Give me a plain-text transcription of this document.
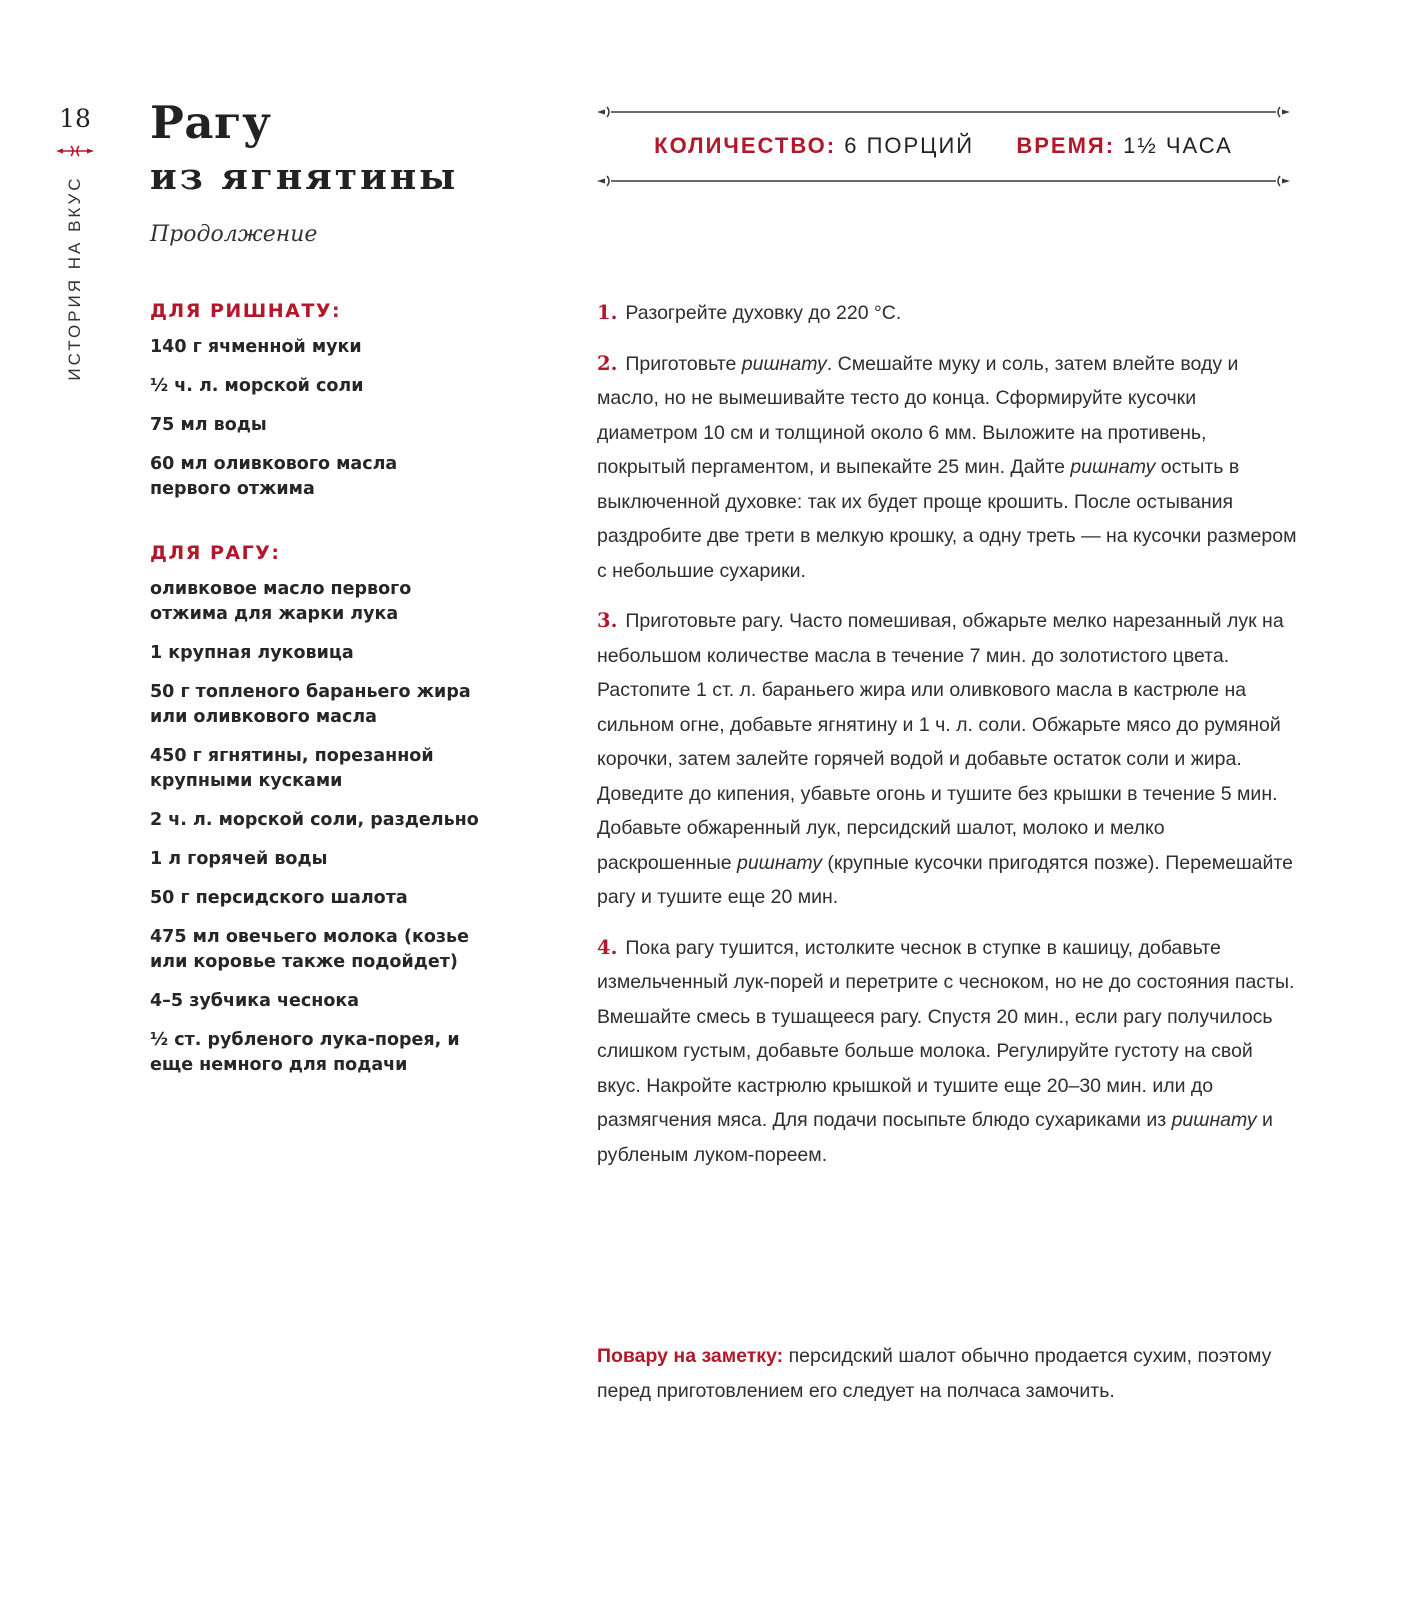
18
ИСТОРИЯ НА ВКУС
Рагу
из ягнятины
Продолжение
КОЛИЧЕСТВО: 6 ПОРЦИЙ ВРЕМЯ: 1½ ЧАСА
ДЛЯ РИШНАТУ:
140 г ячменной муки
½ ч. л. морской соли
75 мл воды
60 мл оливкового масла первого отжима
ДЛЯ РАГУ:
оливковое масло первого отжима для жарки лука
1 крупная луковица
50 г топленого бараньего жира или оливкового масла
450 г ягнятины, порезанной крупными кусками
2 ч. л. морской соли, раздельно
1 л горячей воды
50 г персидского шалота
475 мл овечьего молока (козье или коровье также подойдет)
4–5 зубчика чеснока
½ ст. рубленого лука-порея, и еще немного для подачи

1. Разогрейте духовку до 220 °C.

2. Приготовьте ришнату. Смешайте муку и соль, затем влейте воду и масло, но не вымешивайте тесто до конца. Сформируйте кусочки диаметром 10 см и толщиной около 6 мм. Выложите на противень, покрытый пергаментом, и выпекайте 25 мин. Дайте ришнату остыть в выключенной духовке: так их будет проще крошить. После остывания раздробите две трети в мелкую крошку, а одну треть — на кусочки размером с небольшие сухарики.

3. Приготовьте рагу. Часто помешивая, обжарьте мелко нарезанный лук на небольшом количестве масла в течение 7 мин. до золотистого цвета. Растопите 1 ст. л. бараньего жира или оливкового масла в кастрюле на сильном огне, добавьте ягнятину и 1 ч. л. соли. Обжарьте мясо до румяной корочки, затем залейте горячей водой и добавьте остаток соли и жира. Доведите до кипения, убавьте огонь и тушите без крышки в течение 5 мин. Добавьте обжаренный лук, персидский шалот, молоко и мелко раскрошенные ришнату (крупные кусочки пригодятся позже). Перемешайте рагу и тушите еще 20 мин.

4. Пока рагу тушится, истолките чеснок в ступке в кашицу, добавьте измельченный лук-порей и перетрите с чесноком, но не до состояния пасты. Вмешайте смесь в тушащееся рагу. Спустя 20 мин., если рагу получилось слишком густым, добавьте больше молока. Регулируйте густоту на свой вкус. Накройте кастрюлю крышкой и тушите еще 20–30 мин. или до размягчения мяса. Для подачи посыпьте блюдо сухариками из ришнату и рубленым луком-пореем.

Повару на заметку: персидский шалот обычно продается сухим, поэтому перед приготовлением его следует на полчаса замочить.
